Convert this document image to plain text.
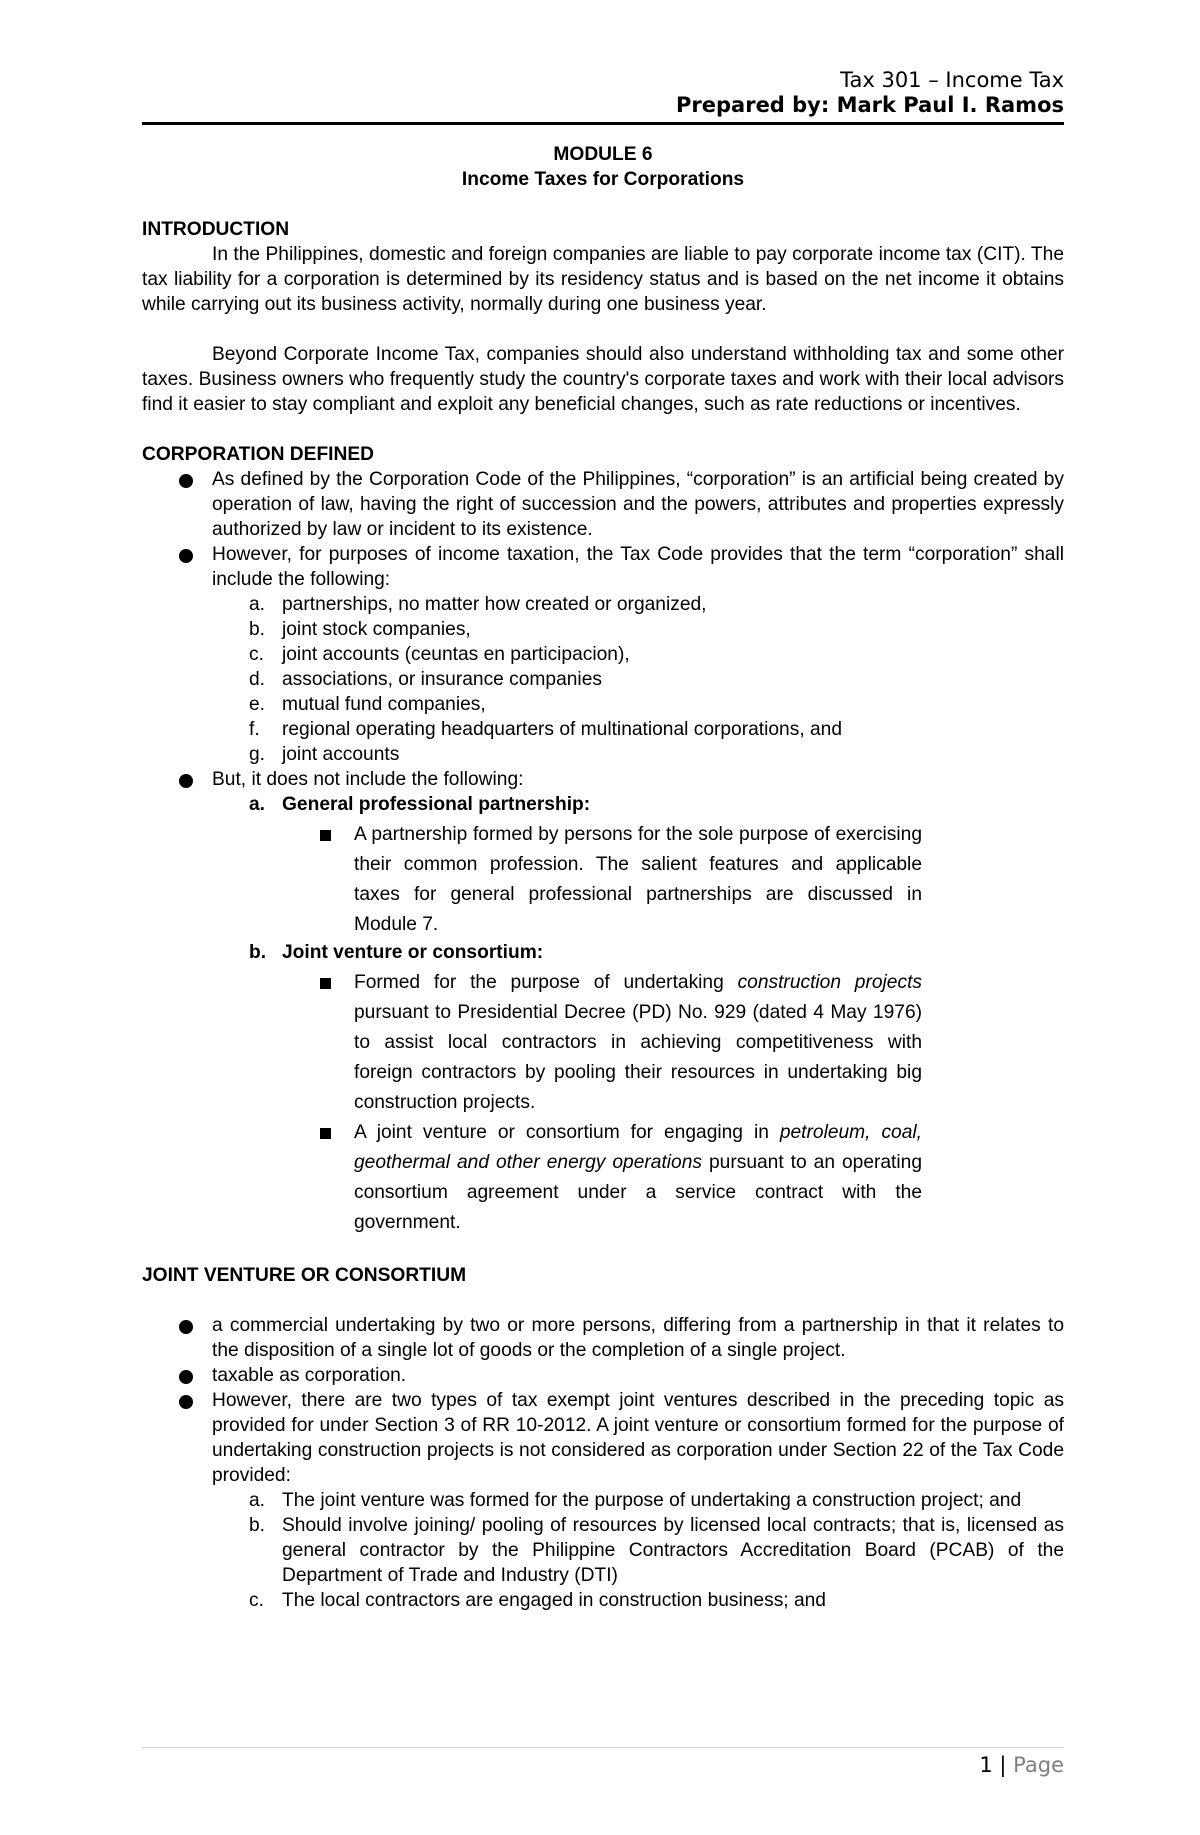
Tax 301 – Income Tax
Prepared by: Mark Paul I. Ramos
MODULE 6
Income Taxes for Corporations
INTRODUCTION

In the Philippines, domestic and foreign companies are liable to pay corporate income tax (CIT). The tax liability for a corporation is determined by its residency status and is based on the net income it obtains while carrying out its business activity, normally during one business year.

Beyond Corporate Income Tax, companies should also understand withholding tax and some other taxes. Business owners who frequently study the country's corporate taxes and work with their local advisors find it easier to stay compliant and exploit any beneficial changes, such as rate reductions or incentives.

CORPORATION DEFINED
As defined by the Corporation Code of the Philippines, “corporation” is an artificial being created by operation of law, having the right of succession and the powers, attributes and properties expressly authorized by law or incident to its existence.
However, for purposes of income taxation, the Tax Code provides that the term “corporation” shall include the following:
a. partnerships, no matter how created or organized,
b. joint stock companies,
c. joint accounts (ceuntas en participacion),
d. associations, or insurance companies
e. mutual fund companies,
f.	regional operating headquarters of multinational corporations, and
g. joint accounts
But, it does not include the following:
a. General professional partnership:
A partnership formed by persons for the sole purpose of exercising their common profession. The salient features and applicable taxes for general professional partnerships are discussed in Module 7.
b. Joint venture or consortium:
Formed for the purpose of undertaking construction projects pursuant to Presidential Decree (PD) No. 929 (dated 4 May 1976) to assist local contractors in achieving competitiveness with foreign contractors by pooling their resources in undertaking big construction projects.
A joint venture or consortium for engaging in petroleum, coal, geothermal and other energy operations pursuant to an operating consortium agreement under a service contract with the government.
JOINT VENTURE OR CONSORTIUM
a commercial undertaking by two or more persons, differing from a partnership in that it relates to the disposition of a single lot of goods or the completion of a single project.
taxable as corporation.
However, there are two types of tax exempt joint ventures described in the preceding topic as provided for under Section 3 of RR 10-2012. A joint venture or consortium formed for the purpose of undertaking construction projects is not considered as corporation under Section 22 of the Tax Code provided:
a. The joint venture was formed for the purpose of undertaking a construction project; and
b. Should involve joining/ pooling of resources by licensed local contracts; that is, licensed as general contractor by the Philippine Contractors Accreditation Board (PCAB) of the Department of Trade and Industry (DTI)
c. The local contractors are engaged in construction business; and
1 | Page
